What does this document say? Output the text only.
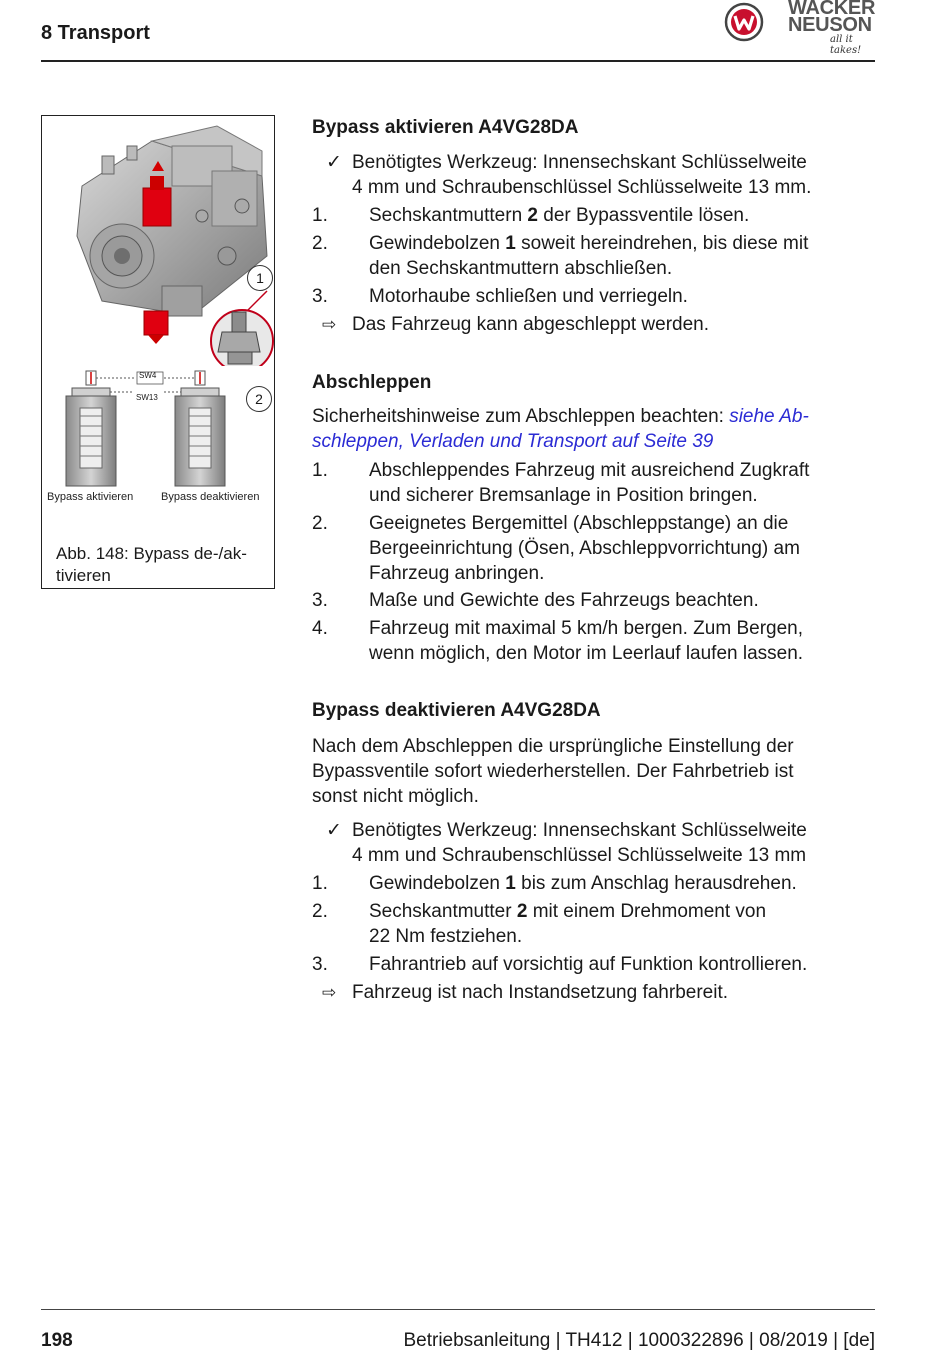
8 Transport
WACKER
NEUSON
all it takes!
SW4
SW13
Bypass aktivieren	Bypass deaktivieren
1
2
Abb. 148: Bypass de-/ak-tivieren
Bypass aktivieren A4VG28DA
✓ Benötigtes Werkzeug: Innensechskant Schlüsselweite
4 mm und Schraubenschlüssel Schlüsselweite 13 mm.
1. Sechskantmuttern 2 der Bypassventile lösen.
2. Gewindebolzen 1 soweit hereindrehen, bis diese mit
den Sechskantmuttern abschließen.
3. Motorhaube schließen und verriegeln.
⇨ Das Fahrzeug kann abgeschleppt werden.
Abschleppen
Sicherheitshinweise zum Abschleppen beachten: siehe Ab-
schleppen, Verladen und Transport auf Seite 39
1. Abschleppendes Fahrzeug mit ausreichend Zugkraft
und sicherer Bremsanlage in Position bringen.
2. Geeignetes Bergemittel (Abschleppstange) an die
Bergeeinrichtung (Ösen, Abschleppvorrichtung) am
Fahrzeug anbringen.
3. Maße und Gewichte des Fahrzeugs beachten.
4. Fahrzeug mit maximal 5 km/h bergen. Zum Bergen,
wenn möglich, den Motor im Leerlauf laufen lassen.
Bypass deaktivieren A4VG28DA
Nach dem Abschleppen die ursprüngliche Einstellung der
Bypassventile sofort wiederherstellen. Der Fahrbetrieb ist
sonst nicht möglich.
✓ Benötigtes Werkzeug: Innensechskant Schlüsselweite
4 mm und Schraubenschlüssel Schlüsselweite 13 mm
1. Gewindebolzen 1 bis zum Anschlag herausdrehen.
2. Sechskantmutter 2 mit einem Drehmoment von
22 Nm festziehen.
3. Fahrantrieb auf vorsichtig auf Funktion kontrollieren.
⇨ Fahrzeug ist nach Instandsetzung fahrbereit.
198	Betriebsanleitung | TH412 | 1000322896 | 08/2019 | [de]
